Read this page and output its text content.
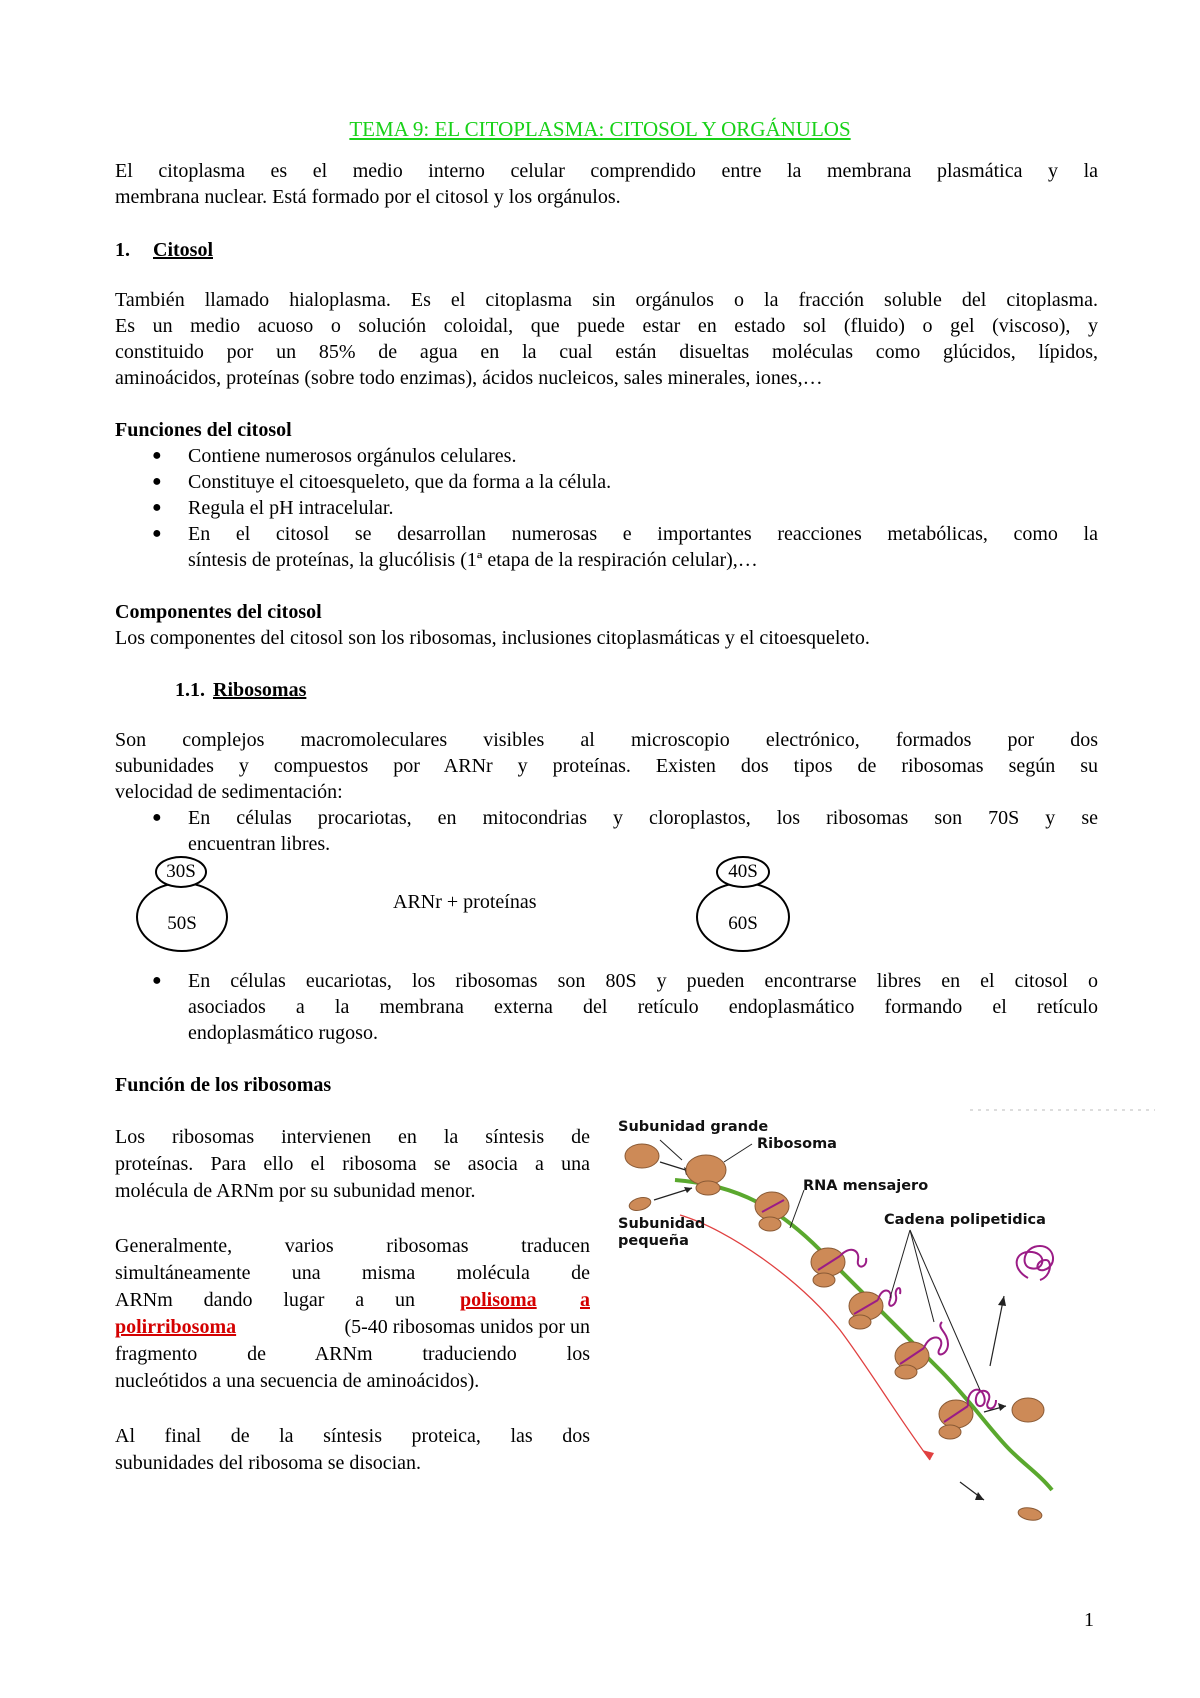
TEMA 9: EL CITOPLASMA: CITOSOL Y ORGÁNULOS
El citoplasma es el medio interno celular comprendido entre la membrana plasmática y la
membrana nuclear. Está formado por el citosol y los orgánulos.
1. Citosol
También llamado hialoplasma. Es el citoplasma sin orgánulos o la fracción soluble del citoplasma.
Es un medio acuoso o solución coloidal, que puede estar en estado sol (fluido) o gel (viscoso), y
constituido por un 85% de agua en la cual están disueltas moléculas como glúcidos, lípidos,
aminoácidos, proteínas (sobre todo enzimas), ácidos nucleicos, sales minerales, iones,…
Funciones del citosol
● Contiene numerosos orgánulos celulares.
● Constituye el citoesqueleto, que da forma a la célula.
● Regula el pH intracelular.
● En el citosol se desarrollan numerosas e importantes reacciones metabólicas, como la
síntesis de proteínas, la glucólisis (1ª etapa de la respiración celular),…
Componentes del citosol
Los componentes del citosol son los ribosomas, inclusiones citoplasmáticas y el citoesqueleto.
1.1. Ribosomas
Son complejos macromoleculares visibles al microscopio electrónico, formados por dos
subunidades y compuestos por ARNr y proteínas. Existen dos tipos de ribosomas según su
velocidad de sedimentación:
● En células procariotas, en mitocondrias y cloroplastos, los ribosomas son 70S y se
encuentran libres.
50S
30S
ARNr + proteínas
60S
40S
● En células eucariotas, los ribosomas son 80S y pueden encontrarse libres en el citosol o
asociados a la membrana externa del retículo endoplasmático formando el retículo
endoplasmático rugoso.
Función de los ribosomas
Los ribosomas intervienen en la síntesis de
proteínas. Para ello el ribosoma se asocia a una
molécula de ARNm por su subunidad menor.
Generalmente, varios ribosomas traducen
simultáneamente una misma molécula de
ARNm dando lugar a un polisoma a
polirribosoma	(5-40 ribosomas unidos por un
fragmento de ARNm traduciendo los
nucleótidos a una secuencia de aminoácidos).
Al final de la síntesis proteica, las dos
subunidades del ribosoma se disocian.
Subunidad grande
Ribosoma
RNA mensajero
Subunidad
pequeña
Cadena polipetidica
1
